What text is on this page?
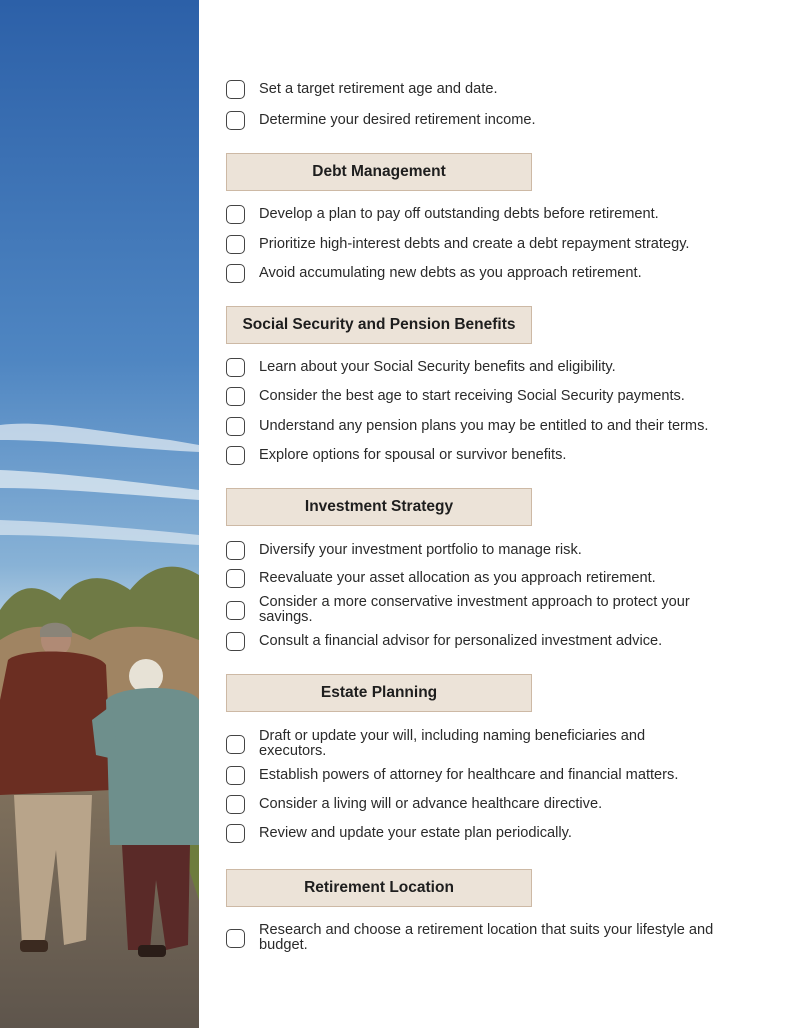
Set a target retirement age and date.
Determine your desired retirement income.
Debt Management
Develop a plan to pay off outstanding debts before retirement.
Prioritize high-interest debts and create a debt repayment strategy.
Avoid accumulating new debts as you approach retirement.
Social Security and Pension Benefits
Learn about your Social Security benefits and eligibility.
Consider the best age to start receiving Social Security payments.
Understand any pension plans you may be entitled to and their terms.
Explore options for spousal or survivor benefits.
Investment Strategy
Diversify your investment portfolio to manage risk.
Reevaluate your asset allocation as you approach retirement.
Consider a more conservative investment approach to protect your savings.
Consult a financial advisor for personalized investment advice.
Estate Planning
Draft or update your will, including naming beneficiaries and executors.
Establish powers of attorney for healthcare and financial matters.
Consider a living will or advance healthcare directive.
Review and update your estate plan periodically.
Retirement Location
Research and choose a retirement location that suits your lifestyle and budget.
